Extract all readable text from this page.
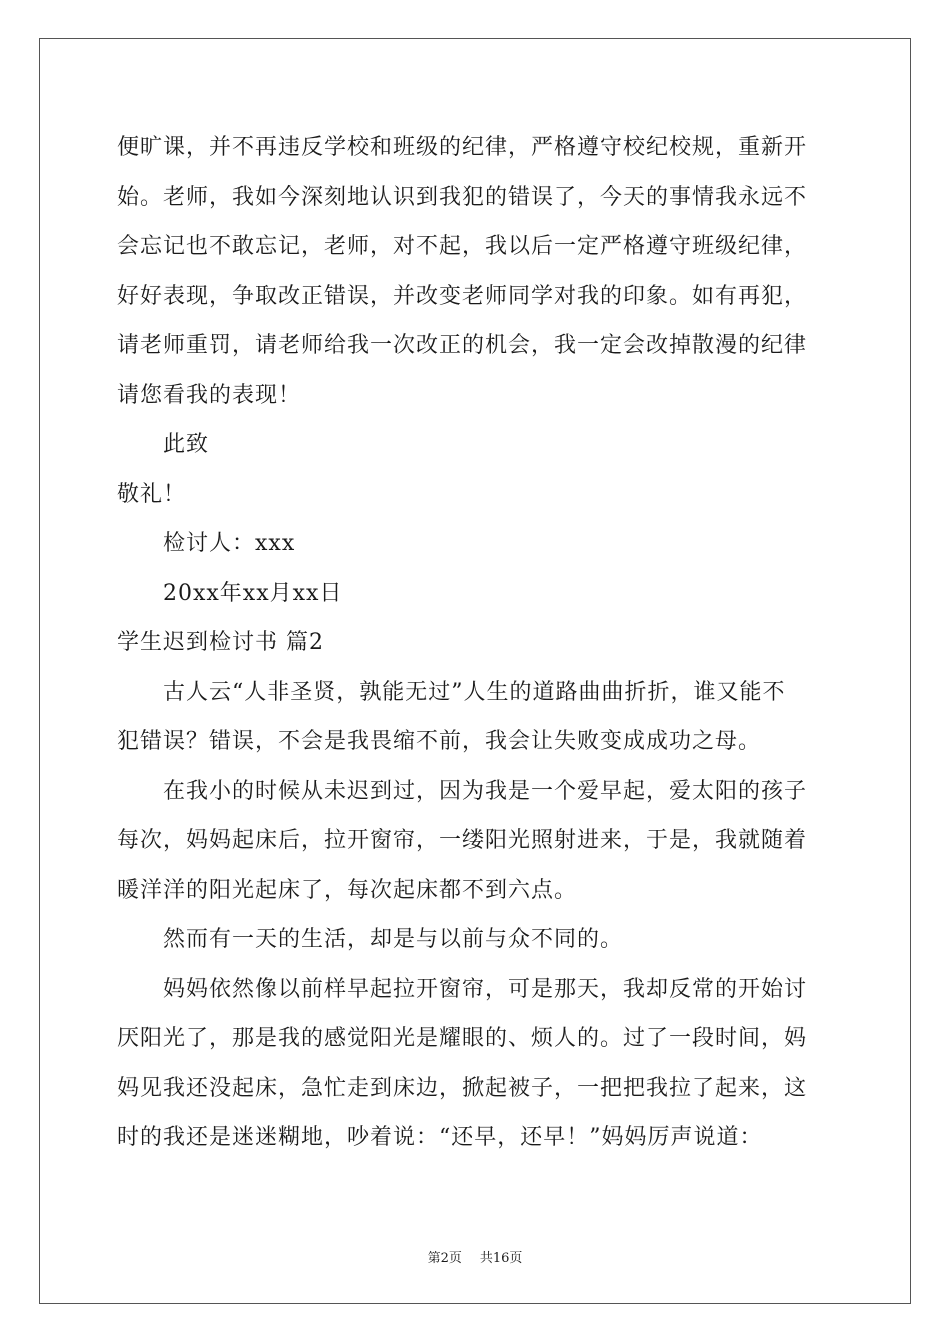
便旷课，并不再违反学校和班级的纪律，严格遵守校纪校规，重新开
始。老师，我如今深刻地认识到我犯的错误了，今天的事情我永远不
会忘记也不敢忘记，老师，对不起，我以后一定严格遵守班级纪律，
好好表现，争取改正错误，并改变老师同学对我的印象。如有再犯，
请老师重罚，请老师给我一次改正的机会，我一定会改掉散漫的纪律
请您看我的表现！
此致
敬礼！
检讨人：xxx
20xx年xx月xx日
学生迟到检讨书 篇2
古人云“人非圣贤，孰能无过”人生的道路曲曲折折，谁又能不
犯错误？错误，不会是我畏缩不前，我会让失败变成成功之母。
在我小的时候从未迟到过，因为我是一个爱早起，爱太阳的孩子
每次，妈妈起床后，拉开窗帘，一缕阳光照射进来，于是，我就随着
暖洋洋的阳光起床了，每次起床都不到六点。
然而有一天的生活，却是与以前与众不同的。
妈妈依然像以前样早起拉开窗帘，可是那天，我却反常的开始讨
厌阳光了，那是我的感觉阳光是耀眼的、烦人的。过了一段时间，妈
妈见我还没起床，急忙走到床边，掀起被子，一把把我拉了起来，这
时的我还是迷迷糊地，吵着说：“还早，还早！”妈妈厉声说道：
第2页 共16页
